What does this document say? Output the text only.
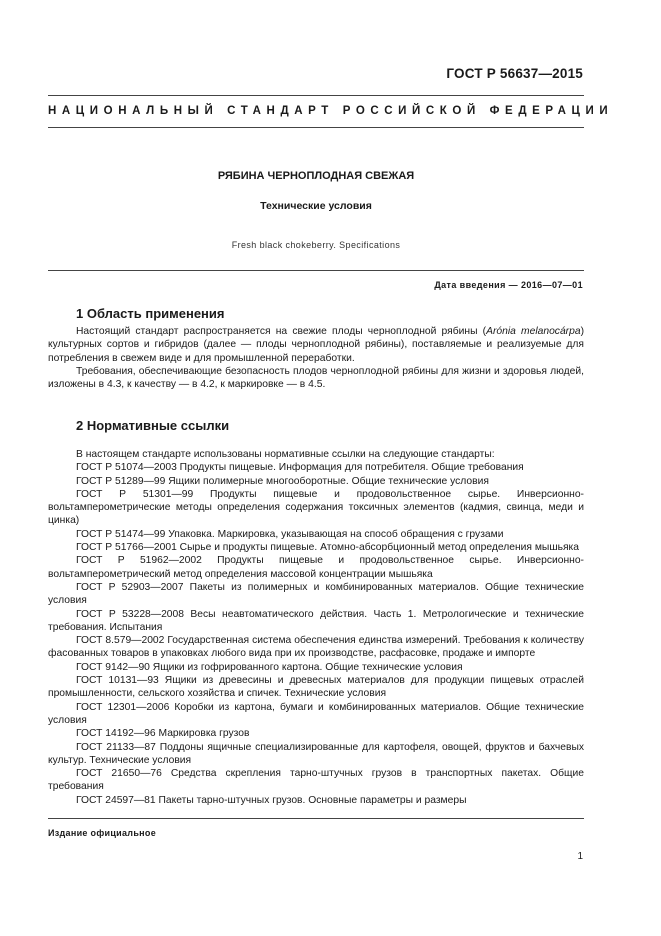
ГОСТ Р 56637—2015
НАЦИОНАЛЬНЫЙ СТАНДАРТ РОССИЙСКОЙ ФЕДЕРАЦИИ
РЯБИНА ЧЕРНОПЛОДНАЯ СВЕЖАЯ
Технические условия
Fresh black chokeberry. Specifications
Дата введения — 2016—07—01
1 Область применения

Настоящий стандарт распространяется на свежие плоды черноплодной рябины (Arónia melanocárpa) культурных сортов и гибридов (далее — плоды черноплодной рябины), поставляемые и реализуемые для потребления в свежем виде и для промышленной переработки.

Требования, обеспечивающие безопасность плодов черноплодной рябины для жизни и здоровья людей, изложены в 4.3, к качеству — в 4.2, к маркировке — в 4.5.

2 Нормативные ссылки

В настоящем стандарте использованы нормативные ссылки на следующие стандарты:

ГОСТ Р 51074—2003 Продукты пищевые. Информация для потребителя. Общие требования

ГОСТ Р 51289—99 Ящики полимерные многооборотные. Общие технические условия

ГОСТ Р 51301—99 Продукты пищевые и продовольственное сырье. Инверсионно-вольтамперометрические методы определения содержания токсичных элементов (кадмия, свинца, меди и цинка)

ГОСТ Р 51474—99 Упаковка. Маркировка, указывающая на способ обращения с грузами

ГОСТ Р 51766—2001 Сырье и продукты пищевые. Атомно-абсорбционный метод определения мышьяка

ГОСТ Р 51962—2002 Продукты пищевые и продовольственное сырье. Инверсионно-вольтамперометрический метод определения массовой концентрации мышьяка

ГОСТ Р 52903—2007 Пакеты из полимерных и комбинированных материалов. Общие технические условия

ГОСТ Р 53228—2008 Весы неавтоматического действия. Часть 1. Метрологические и технические требования. Испытания

ГОСТ 8.579—2002 Государственная система обеспечения единства измерений. Требования к количеству фасованных товаров в упаковках любого вида при их производстве, расфасовке, продаже и импорте

ГОСТ 9142—90 Ящики из гофрированного картона. Общие технические условия

ГОСТ 10131—93 Ящики из древесины и древесных материалов для продукции пищевых отраслей промышленности, сельского хозяйства и спичек. Технические условия

ГОСТ 12301—2006 Коробки из картона, бумаги и комбинированных материалов. Общие технические условия

ГОСТ 14192—96 Маркировка грузов

ГОСТ 21133—87 Поддоны ящичные специализированные для картофеля, овощей, фруктов и бахчевых культур. Технические условия

ГОСТ 21650—76 Средства скрепления тарно-штучных грузов в транспортных пакетах. Общие требования

ГОСТ 24597—81 Пакеты тарно-штучных грузов. Основные параметры и размеры

Издание официальное
1
